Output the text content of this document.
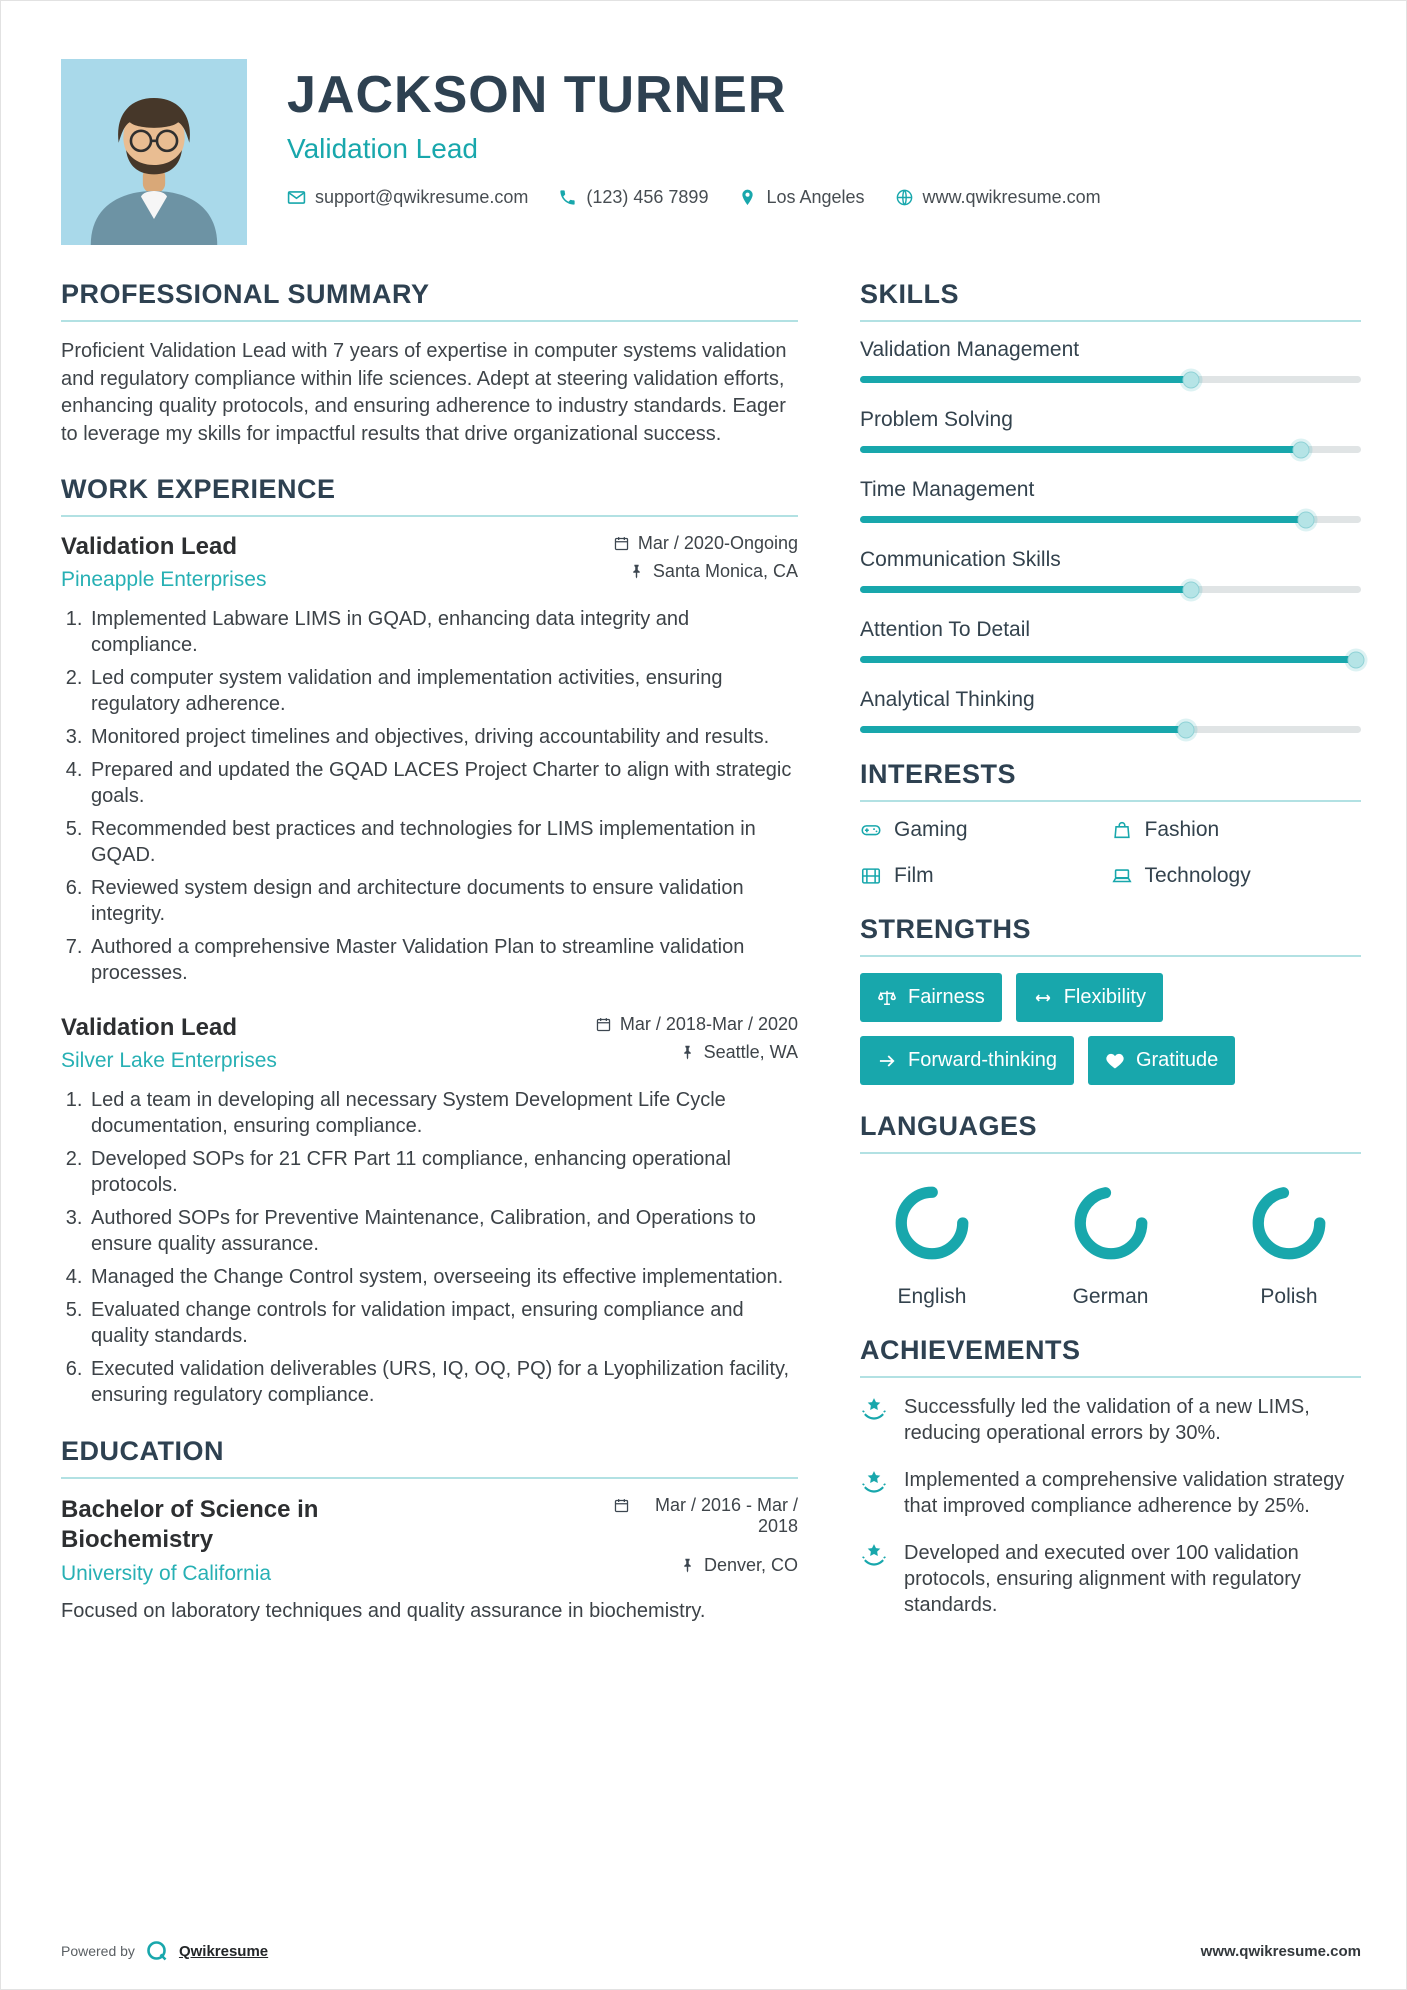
JACKSON TURNER
Validation Lead
support@qwikresume.com	(123) 456 7899	Los Angeles	www.qwikresume.com
PROFESSIONAL SUMMARY

Proficient Validation Lead with 7 years of expertise in computer systems validation and regulatory compliance within life sciences. Adept at steering validation efforts, enhancing quality protocols, and ensuring adherence to industry standards. Eager to leverage my skills for impactful results that drive organizational success.

WORK EXPERIENCE
Validation Lead	Mar / 2020-Ongoing
Pineapple Enterprises	Santa Monica, CA
1. Implemented Labware LIMS in GQAD, enhancing data integrity and compliance.
2. Led computer system validation and implementation activities, ensuring regulatory adherence.
3. Monitored project timelines and objectives, driving accountability and results.
4. Prepared and updated the GQAD LACES Project Charter to align with strategic goals.
5. Recommended best practices and technologies for LIMS implementation in GQAD.
6. Reviewed system design and architecture documents to ensure validation integrity.
7. Authored a comprehensive Master Validation Plan to streamline validation processes.
Validation Lead	Mar / 2018-Mar / 2020
Silver Lake Enterprises	Seattle, WA
1. Led a team in developing all necessary System Development Life Cycle documentation, ensuring compliance.
2. Developed SOPs for 21 CFR Part 11 compliance, enhancing operational protocols.
3. Authored SOPs for Preventive Maintenance, Calibration, and Operations to ensure quality assurance.
4. Managed the Change Control system, overseeing its effective implementation.
5. Evaluated change controls for validation impact, ensuring compliance and quality standards.
6. Executed validation deliverables (URS, IQ, OQ, PQ) for a Lyophilization facility, ensuring regulatory compliance.
EDUCATION
Bachelor of Science in Biochemistry
Mar / 2016 - Mar / 2018
University of California	Denver, CO

Focused on laboratory techniques and quality assurance in biochemistry.

SKILLS
Validation Management
Problem Solving
Time Management
Communication Skills
Attention To Detail
Analytical Thinking
INTERESTS
Gaming	Fashion
Film	Technology
STRENGTHS
Fairness	Flexibility
Forward-thinking	Gratitude
LANGUAGES
English	German	Polish
ACHIEVEMENTS
Successfully led the validation of a new LIMS, reducing operational errors by 30%.
Implemented a comprehensive validation strategy that improved compliance adherence by 25%.
Developed and executed over 100 validation protocols, ensuring alignment with regulatory standards.
Powered by	Qwikresume	www.qwikresume.com
